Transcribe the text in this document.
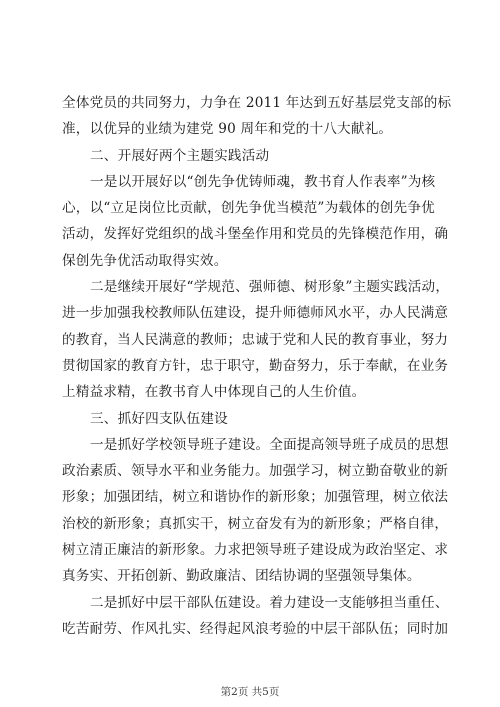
全体党员的共同努力，力争在 2011 年达到五好基层党支部的标
准，以优异的业绩为建党 90 周年和党的十八大献礼。

二、开展好两个主题实践活动

一是以开展好以“创先争优铸师魂，教书育人作表率”为核
心，以“立足岗位比贡献，创先争优当模范”为载体的创先争优
活动，发挥好党组织的战斗堡垒作用和党员的先锋模范作用，确
保创先争优活动取得实效。

二是继续开展好“学规范、强师德、树形象”主题实践活动，
进一步加强我校教师队伍建设，提升师德师风水平，办人民满意
的教育，当人民满意的教师；忠诚于党和人民的教育事业，努力
贯彻国家的教育方针，忠于职守，勤奋努力，乐于奉献，在业务
上精益求精，在教书育人中体现自己的人生价值。

三、抓好四支队伍建设

一是抓好学校领导班子建设。全面提高领导班子成员的思想
政治素质、领导水平和业务能力。加强学习，树立勤奋敬业的新
形象；加强团结，树立和谐协作的新形象；加强管理，树立依法
治校的新形象；真抓实干，树立奋发有为的新形象；严格自律，
树立清正廉洁的新形象。力求把领导班子建设成为政治坚定、求
真务实、开拓创新、勤政廉洁、团结协调的坚强领导集体。

二是抓好中层干部队伍建设。着力建设一支能够担当重任、
吃苦耐劳、作风扎实、经得起风浪考验的中层干部队伍；同时加

第2页 共5页
